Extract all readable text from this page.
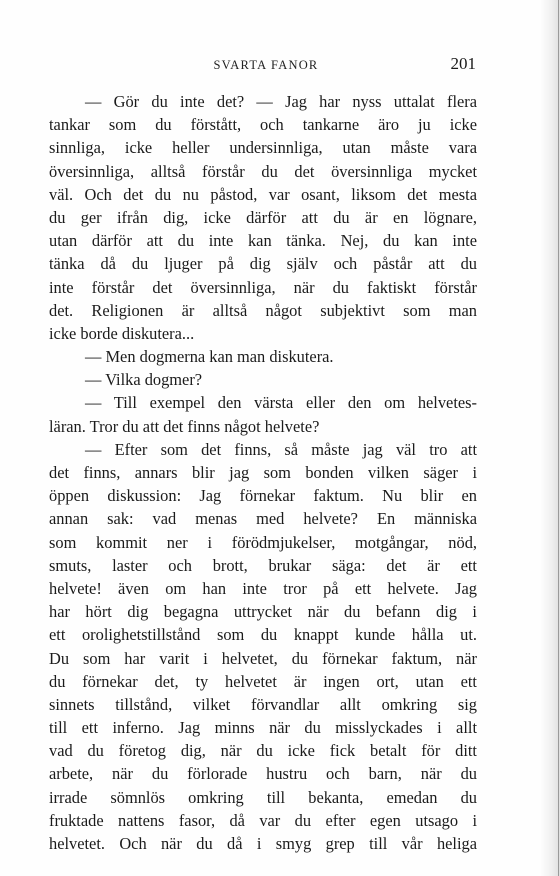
SVARTA FANOR	201
— Gör du inte det? — Jag har nyss uttalat flera
tankar som du förstått, och tankarne äro ju icke
sinnliga, icke heller undersinnliga, utan måste vara
översinnliga, alltså förstår du det översinnliga mycket
väl. Och det du nu påstod, var osant, liksom det mesta
du ger ifrån dig, icke därför att du är en lögnare,
utan därför att du inte kan tänka. Nej, du kan inte
tänka då du ljuger på dig själv och påstår att du
inte förstår det översinnliga, när du faktiskt förstår
det. Religionen är alltså något subjektivt som man
icke borde diskutera...
— Men dogmerna kan man diskutera.
— Vilka dogmer?
— Till exempel den värsta eller den om helvetes-
läran. Tror du att det finns något helvete?
— Efter som det finns, så måste jag väl tro att
det finns, annars blir jag som bonden vilken säger i
öppen diskussion: Jag förnekar faktum. Nu blir en
annan sak: vad menas med helvete? En människa
som kommit ner i förödmjukelser, motgångar, nöd,
smuts, laster och brott, brukar säga: det är ett
helvete! även om han inte tror på ett helvete. Jag
har hört dig begagna uttrycket när du befann dig i
ett orolighetstillstånd som du knappt kunde hålla ut.
Du som har varit i helvetet, du förnekar faktum, när
du förnekar det, ty helvetet är ingen ort, utan ett
sinnets tillstånd, vilket förvandlar allt omkring sig
till ett inferno. Jag minns när du misslyckades i allt
vad du företog dig, när du icke fick betalt för ditt
arbete, när du förlorade hustru och barn, när du
irrade sömnlös omkring till bekanta, emedan du
fruktade nattens fasor, då var du efter egen utsago i
helvetet. Och när du då i smyg grep till vår heliga
